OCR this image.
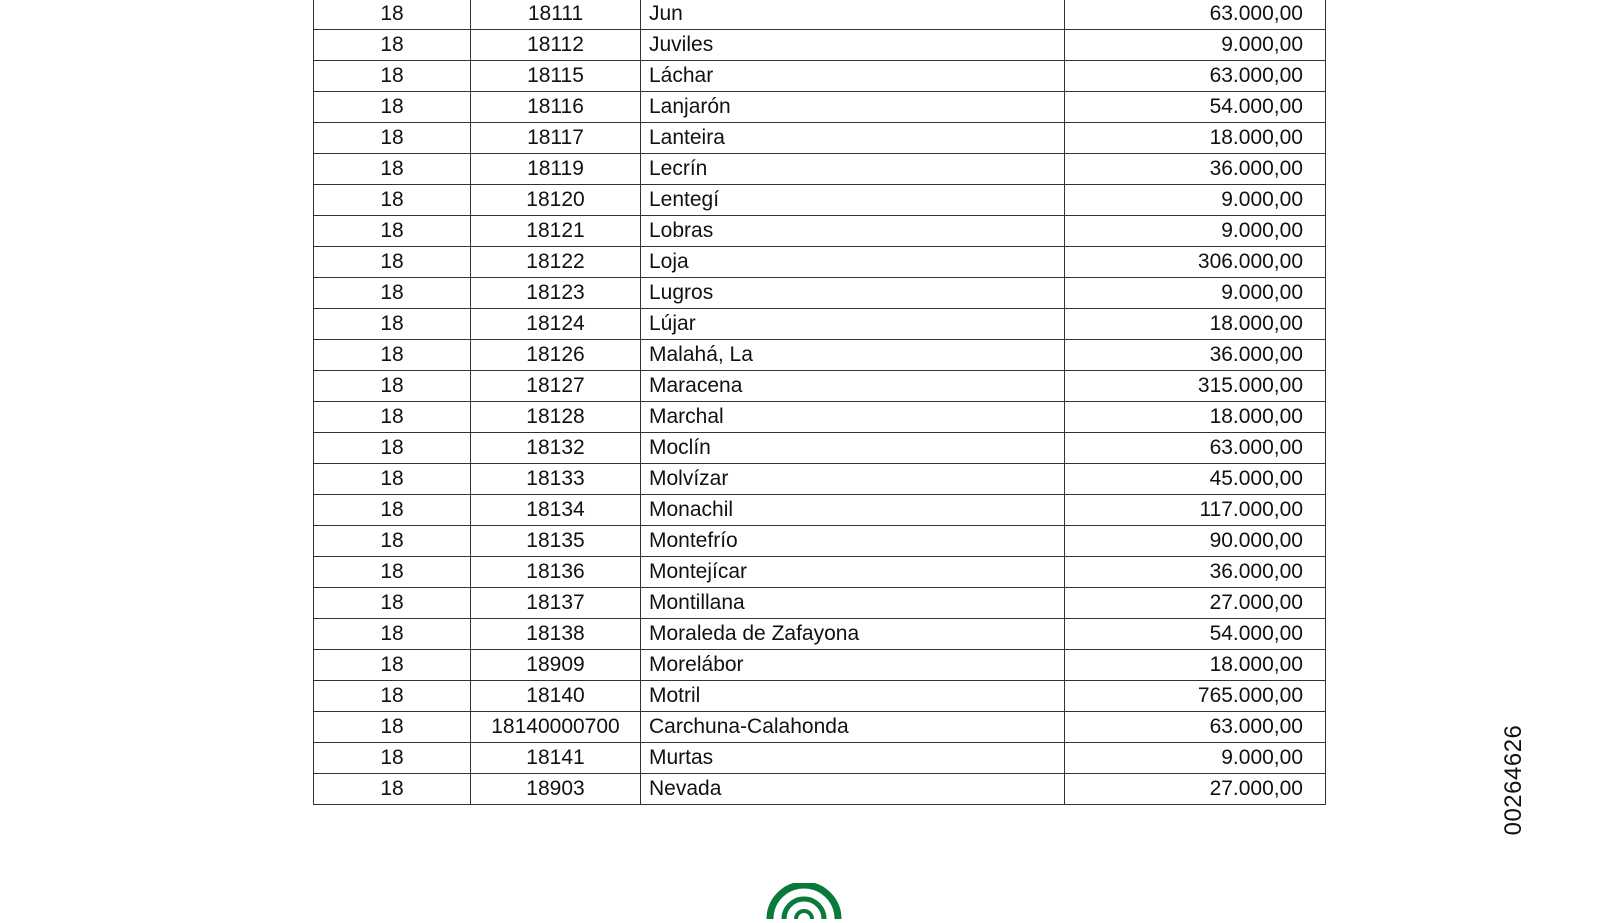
18	18111	Jun	63.000,00
18	18112	Juviles	9.000,00
18	18115	Láchar	63.000,00
18	18116	Lanjarón	54.000,00
18	18117	Lanteira	18.000,00
18	18119	Lecrín	36.000,00
18	18120	Lentegí	9.000,00
18	18121	Lobras	9.000,00
18	18122	Loja	306.000,00
18	18123	Lugros	9.000,00
18	18124	Lújar	18.000,00
18	18126	Malahá, La	36.000,00
18	18127	Maracena	315.000,00
18	18128	Marchal	18.000,00
18	18132	Moclín	63.000,00
18	18133	Molvízar	45.000,00
18	18134	Monachil	117.000,00
18	18135	Montefrío	90.000,00
18	18136	Montejícar	36.000,00
18	18137	Montillana	27.000,00
18	18138	Moraleda de Zafayona	54.000,00
18	18909	Morelábor	18.000,00
18	18140	Motril	765.000,00
18	18140000700	Carchuna-Calahonda	63.000,00
18	18141	Murtas	9.000,00
18	18903	Nevada	27.000,00	00264626
